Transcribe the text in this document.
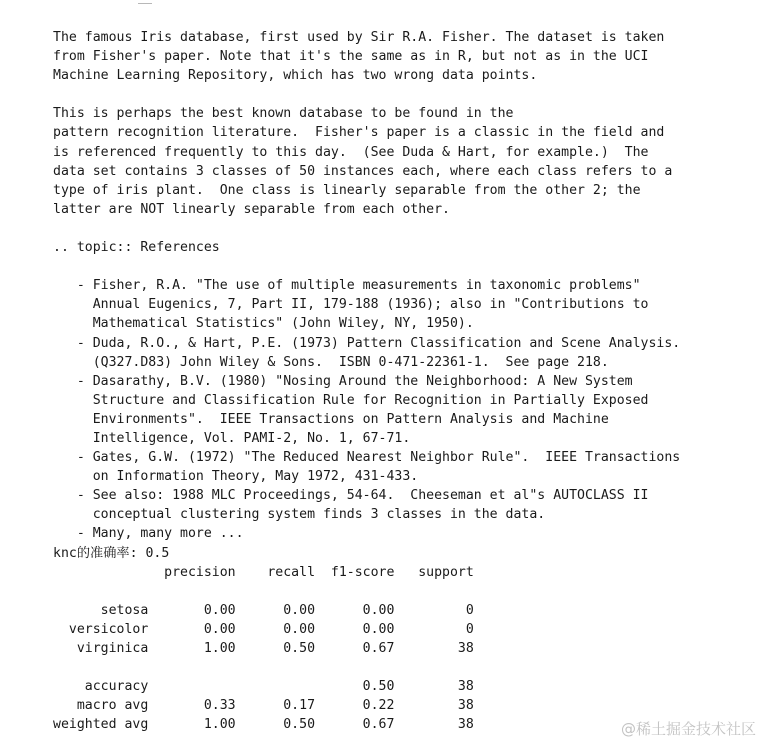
The famous Iris database, first used by Sir R.A. Fisher. The dataset is taken
from Fisher's paper. Note that it's the same as in R, but not as in the UCI
Machine Learning Repository, which has two wrong data points.
This is perhaps the best known database to be found in the
pattern recognition literature.  Fisher's paper is a classic in the field and
is referenced frequently to this day.  (See Duda & Hart, for example.)  The
data set contains 3 classes of 50 instances each, where each class refers to a
type of iris plant.  One class is linearly separable from the other 2; the
latter are NOT linearly separable from each other.
.. topic:: References
- Fisher, R.A. "The use of multiple measurements in taxonomic problems"
Annual Eugenics, 7, Part II, 179-188 (1936); also in "Contributions to
Mathematical Statistics" (John Wiley, NY, 1950).
- Duda, R.O., & Hart, P.E. (1973) Pattern Classification and Scene Analysis.
(Q327.D83) John Wiley & Sons.  ISBN 0-471-22361-1.  See page 218.
- Dasarathy, B.V. (1980) "Nosing Around the Neighborhood: A New System
Structure and Classification Rule for Recognition in Partially Exposed
Environments".  IEEE Transactions on Pattern Analysis and Machine
Intelligence, Vol. PAMI-2, No. 1, 67-71.
- Gates, G.W. (1972) "The Reduced Nearest Neighbor Rule".  IEEE Transactions
on Information Theory, May 1972, 431-433.
- See also: 1988 MLC Proceedings, 54-64.  Cheeseman et al"s AUTOCLASS II
conceptual clustering system finds 3 classes in the data.
- Many, many more ...
knc的准确率: 0.5
precision    recall  f1-score   support
setosa       0.00      0.00      0.00         0
versicolor       0.00      0.00      0.00         0
virginica       1.00      0.50      0.67        38
accuracy                           0.50        38
macro avg       0.33      0.17      0.22        38
weighted avg       1.00      0.50      0.67        38	@稀土掘金技术社区
